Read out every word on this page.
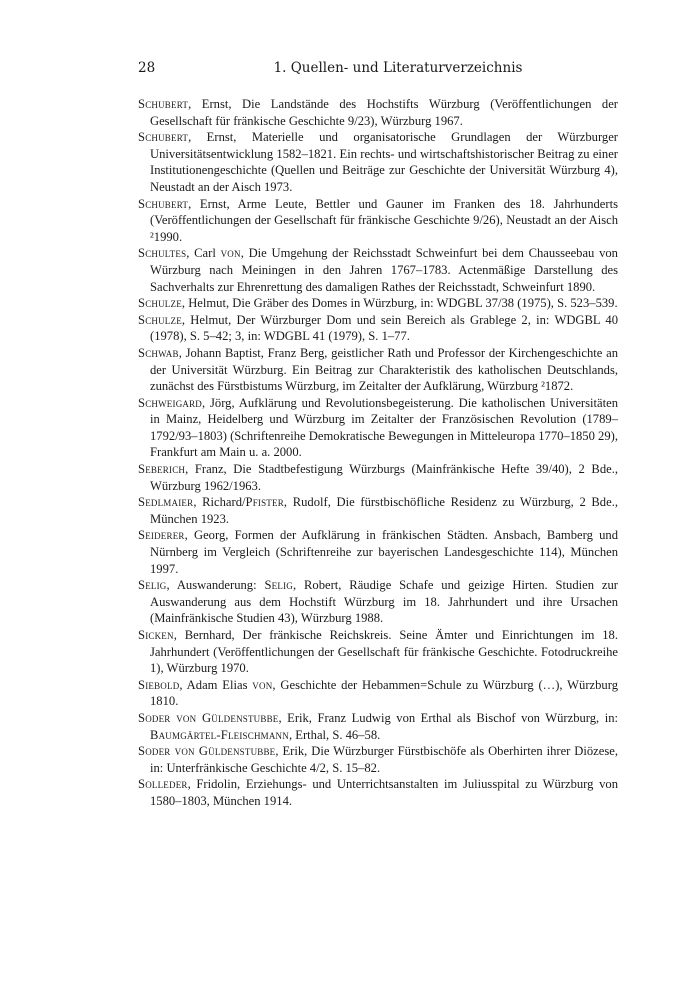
28	1. Quellen- und Literaturverzeichnis

Schubert, Ernst, Die Landstände des Hochstifts Würzburg (Veröffentlichungen der Gesellschaft für fränkische Geschichte 9/23), Würzburg 1967.

Schubert, Ernst, Materielle und organisatorische Grundlagen der Würzburger Universitätsentwicklung 1582–1821. Ein rechts- und wirtschaftshistorischer Beitrag zu einer Institutionengeschichte (Quellen und Beiträge zur Geschichte der Universität Würzburg 4), Neustadt an der Aisch 1973.

Schubert, Ernst, Arme Leute, Bettler und Gauner im Franken des 18. Jahrhunderts (Veröffentlichungen der Gesellschaft für fränkische Geschichte 9/26), Neustadt an der Aisch ²1990.

Schultes, Carl von, Die Umgehung der Reichsstadt Schweinfurt bei dem Chausseebau von Würzburg nach Meiningen in den Jahren 1767–1783. Actenmäßige Darstellung des Sachverhalts zur Ehrenrettung des damaligen Rathes der Reichsstadt, Schweinfurt 1890.

Schulze, Helmut, Die Gräber des Domes in Würzburg, in: WDGBL 37/38 (1975), S. 523–539.

Schulze, Helmut, Der Würzburger Dom und sein Bereich als Grablege 2, in: WDGBL 40 (1978), S. 5–42; 3, in: WDGBL 41 (1979), S. 1–77.

Schwab, Johann Baptist, Franz Berg, geistlicher Rath und Professor der Kirchengeschichte an der Universität Würzburg. Ein Beitrag zur Charakteristik des katholischen Deutschlands, zunächst des Fürstbistums Würzburg, im Zeitalter der Aufklärung, Würzburg ²1872.

Schweigard, Jörg, Aufklärung und Revolutionsbegeisterung. Die katholischen Universitäten in Mainz, Heidelberg und Würzburg im Zeitalter der Französischen Revolution (1789–1792/93–1803) (Schriftenreihe Demokratische Bewegungen in Mitteleuropa 1770–1850 29), Frankfurt am Main u. a. 2000.

Seberich, Franz, Die Stadtbefestigung Würzburgs (Mainfränkische Hefte 39/40), 2 Bde., Würzburg 1962/1963.

Sedlmaier, Richard/Pfister, Rudolf, Die fürstbischöfliche Residenz zu Würzburg, 2 Bde., München 1923.

Seiderer, Georg, Formen der Aufklärung in fränkischen Städten. Ansbach, Bamberg und Nürnberg im Vergleich (Schriftenreihe zur bayerischen Landesgeschichte 114), München 1997.

Selig, Auswanderung: Selig, Robert, Räudige Schafe und geizige Hirten. Studien zur Auswanderung aus dem Hochstift Würzburg im 18. Jahrhundert und ihre Ursachen (Mainfränkische Studien 43), Würzburg 1988.

Sicken, Bernhard, Der fränkische Reichskreis. Seine Ämter und Einrichtungen im 18. Jahrhundert (Veröffentlichungen der Gesellschaft für fränkische Geschichte. Fotodruckreihe 1), Würzburg 1970.

Siebold, Adam Elias von, Geschichte der Hebammen=Schule zu Würzburg (…), Würzburg 1810.

Soder von Güldenstubbe, Erik, Franz Ludwig von Erthal als Bischof von Würzburg, in: Baumgärtel-Fleischmann, Erthal, S. 46–58.

Soder von Güldenstubbe, Erik, Die Würzburger Fürstbischöfe als Oberhirten ihrer Diözese, in: Unterfränkische Geschichte 4/2, S. 15–82.

Solleder, Fridolin, Erziehungs- und Unterrichtsanstalten im Juliusspital zu Würzburg von 1580–1803, München 1914.
